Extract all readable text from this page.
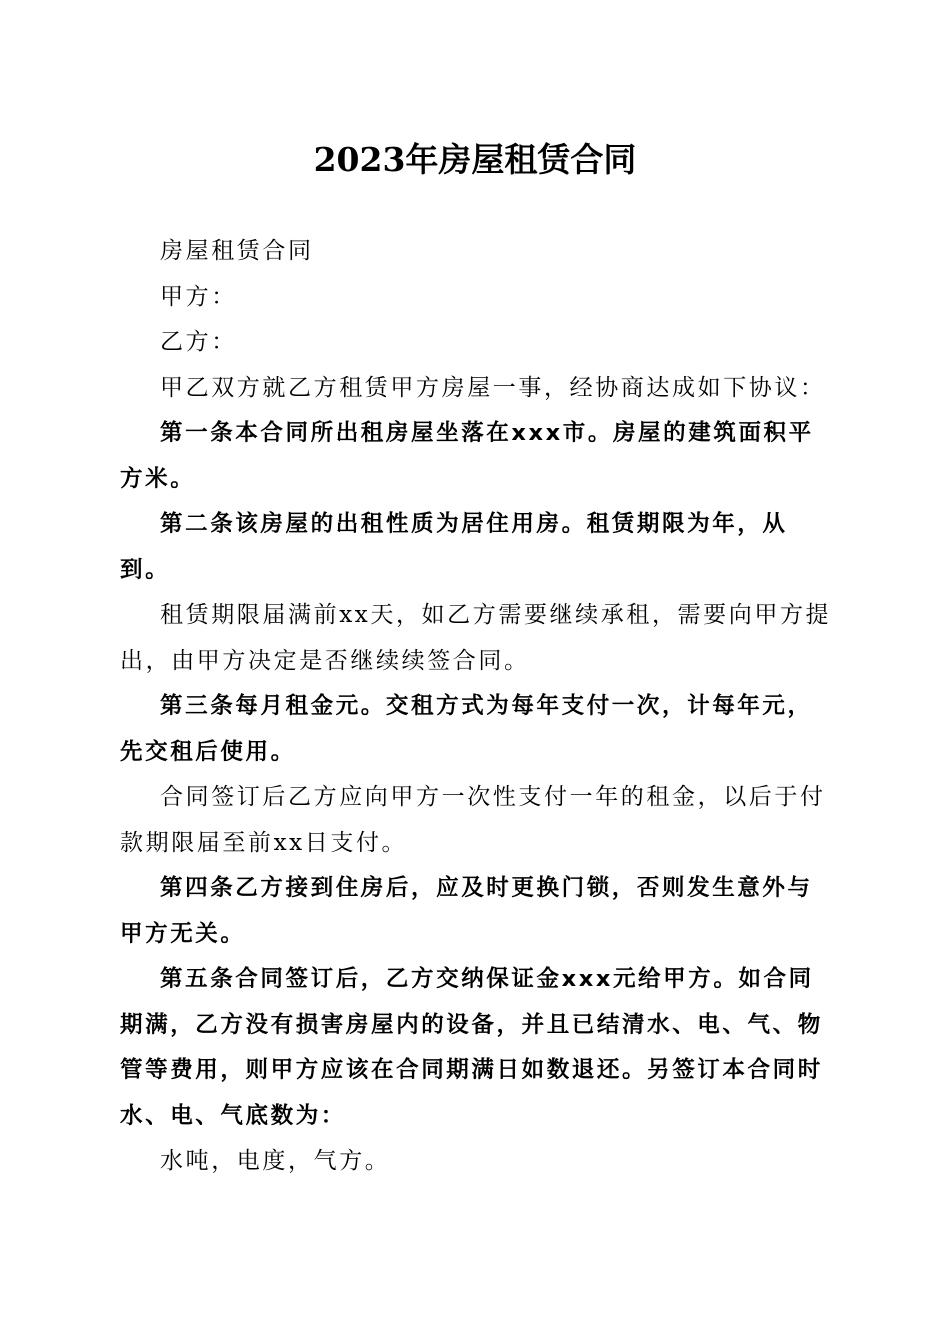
2023年房屋租赁合同

房屋租赁合同

甲方：

乙方：

甲乙双方就乙方租赁甲方房屋一事，经协商达成如下协议：

第一条本合同所出租房屋坐落在xxx市。房屋的建筑面积平方米。

第二条该房屋的出租性质为居住用房。租赁期限为年，从到。

租赁期限届满前xx天，如乙方需要继续承租，需要向甲方提出，由甲方决定是否继续续签合同。

第三条每月租金元。交租方式为每年支付一次，计每年元，先交租后使用。

合同签订后乙方应向甲方一次性支付一年的租金，以后于付款期限届至前xx日支付。

第四条乙方接到住房后，应及时更换门锁，否则发生意外与甲方无关。

第五条合同签订后，乙方交纳保证金xxx元给甲方。如合同期满，乙方没有损害房屋内的设备，并且已结清水、电、气、物管等费用，则甲方应该在合同期满日如数退还。另签订本合同时水、电、气底数为：

水吨，电度，气方。
